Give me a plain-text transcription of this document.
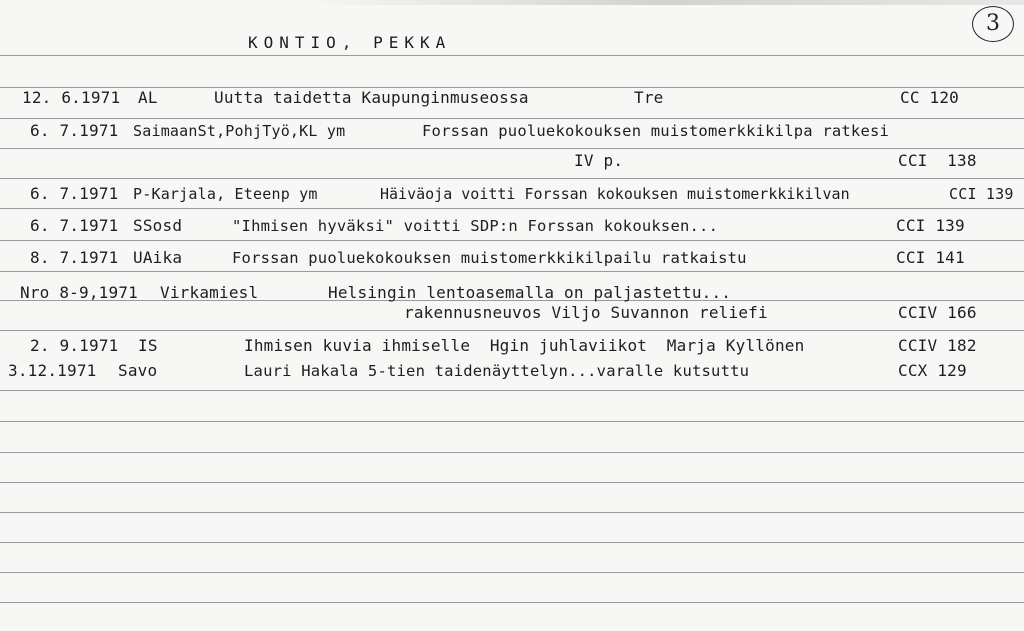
KONTIO, PEKKA
3
12. 6.1971 AL	Uutta taidetta Kaupunginmuseossa	Tre	CC 120
6. 7.1971 SaimaanSt,PohjTyö,KL ym	Forssan puoluekokouksen muistomerkkikilpa ratkesi
IV p.	CCI  138
6. 7.1971 P-Karjala, Eteenp ym	Häiväoja voitti Forssan kokouksen muistomerkkikilvan	CCI 139
6. 7.1971 SSosd	"Ihmisen hyväksi" voitti SDP:n Forssan kokouksen...	CCI 139
8. 7.1971 UAika	Forssan puoluekokouksen muistomerkkikilpailu ratkaistu	CCI 141
Nro 8-9,1971 Virkamiesl	Helsingin lentoasemalla on paljastettu...
rakennusneuvos Viljo Suvannon reliefi	CCIV 166
2. 9.1971 IS	Ihmisen kuvia ihmiselle  Hgin juhlaviikot  Marja Kyllönen	CCIV 182
3.12.1971 Savo	Lauri Hakala 5-tien taidenäyttelyn...varalle kutsuttu	CCX 129
